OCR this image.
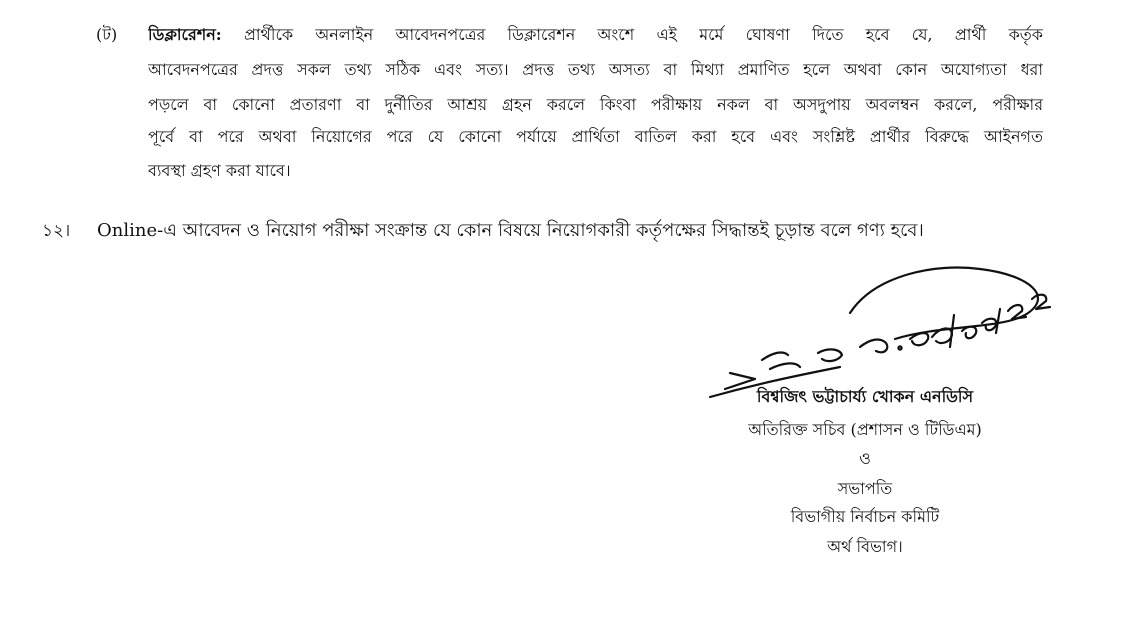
(ট) ডিক্লারেশন: প্রার্থীকে অনলাইন আবেদনপত্রের ডিক্লারেশন অংশে এই মর্মে ঘোষণা দিতে হবে যে, প্রার্থী কর্তৃক
আবেদনপত্রের প্রদত্ত সকল তথ্য সঠিক এবং সত্য। প্রদত্ত তথ্য অসত্য বা মিথ্যা প্রমাণিত হলে অথবা কোন অযোগ্যতা ধরা
পড়লে বা কোনো প্রতারণা বা দুর্নীতির আশ্রয় গ্রহন করলে কিংবা পরীক্ষায় নকল বা অসদুপায় অবলম্বন করলে, পরীক্ষার
পূর্বে বা পরে অথবা নিয়োগের পরে যে কোনো পর্যায়ে প্রার্থিতা বাতিল করা হবে এবং সংশ্লিষ্ট প্রার্থীর বিরুদ্ধে আইনগত
ব্যবস্থা গ্রহণ করা যাবে।
১২। Online-এ আবেদন ও নিয়োগ পরীক্ষা সংক্রান্ত যে কোন বিষয়ে নিয়োগকারী কর্তৃপক্ষের সিদ্ধান্তই চূড়ান্ত বলে গণ্য হবে।
বিশ্বজিৎ ভট্টাচার্য্য খোকন এনডিসি
অতিরিক্ত সচিব (প্রশাসন ও টিডিএম)
ও
সভাপতি
বিভাগীয় নির্বাচন কমিটি
অর্থ বিভাগ।
